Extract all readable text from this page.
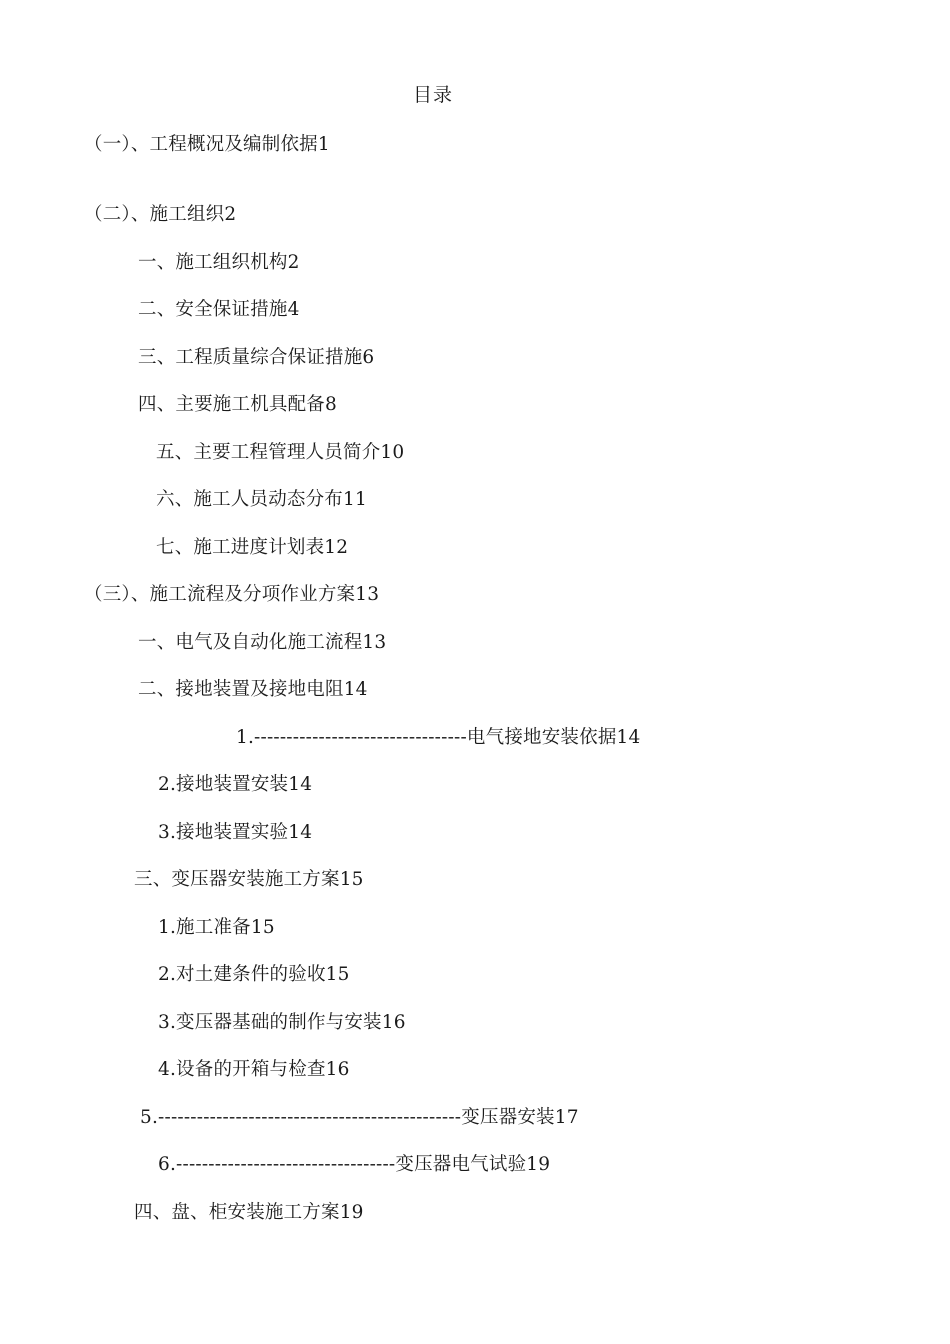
目录
（一）、工程概况及编制依据1
（二）、施工组织2
一、施工组织机构2
二、安全保证措施4
三、工程质量综合保证措施6
四、主要施工机具配备8
五、主要工程管理人员简介10
六、施工人员动态分布11
七、施工进度计划表12
（三）、施工流程及分项作业方案13
一、电气及自动化施工流程13
二、接地装置及接地电阻14
1.---------------------------------电气接地安装依据14
2.接地装置安装14
3.接地装置实验14
三、变压器安装施工方案15
1.施工准备15
2.对土建条件的验收15
3.变压器基础的制作与安装16
4.设备的开箱与检查16
5.-----------------------------------------------变压器安装17
6.----------------------------------变压器电气试验19
四、盘、柜安装施工方案19
